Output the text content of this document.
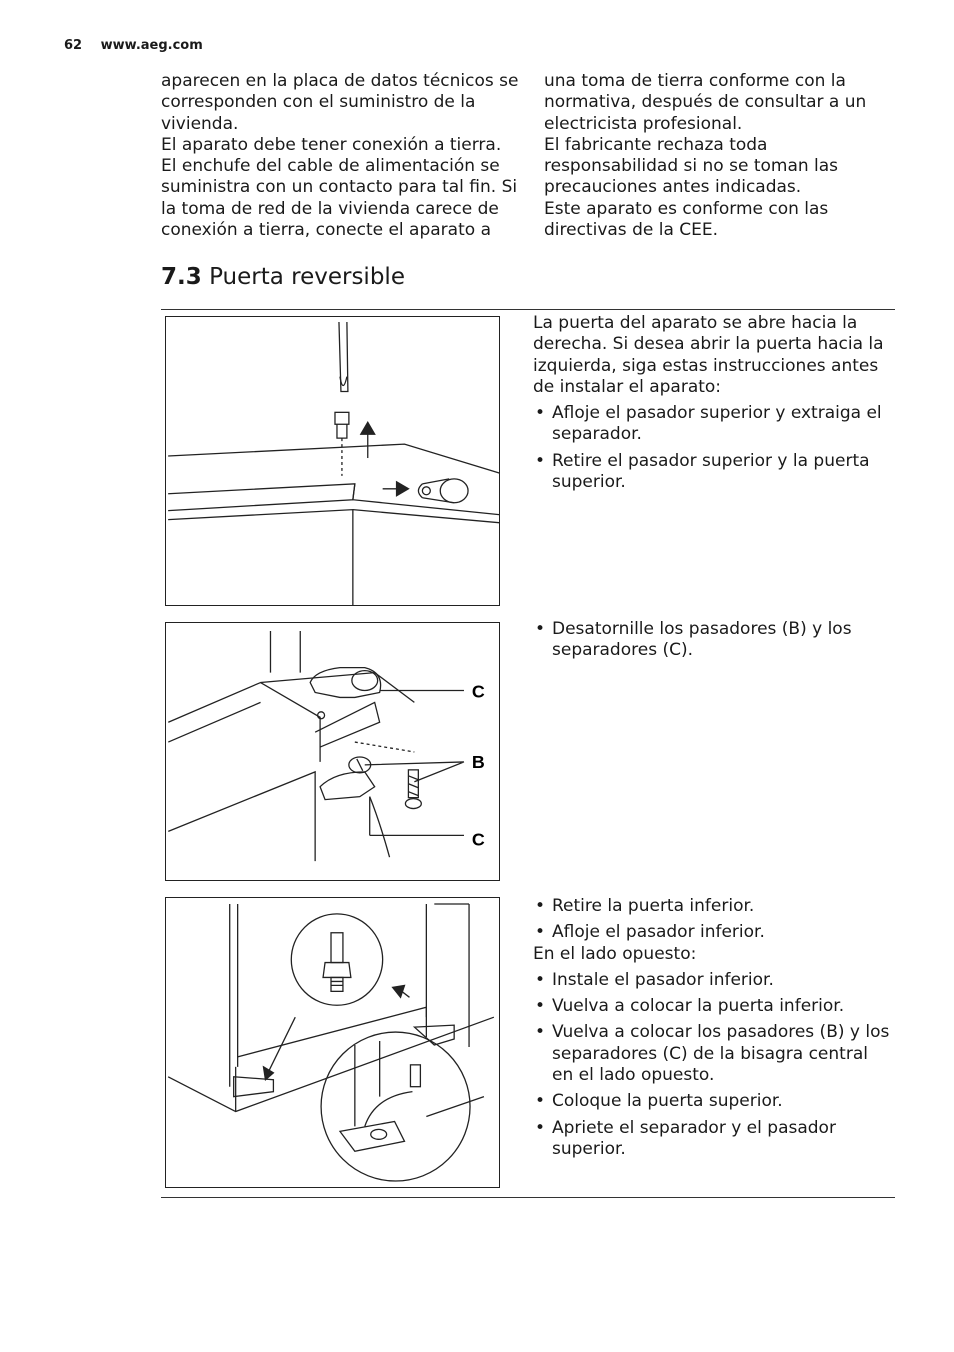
62 www.aeg.com

aparecen en la placa de datos técnicos se corresponden con el suministro de la vivienda.

El aparato debe tener conexión a tierra. El enchufe del cable de alimentación se suministra con un contacto para tal fin. Si la toma de red de la vivienda carece de conexión a tierra, conecte el aparato a

una toma de tierra conforme con la normativa, después de consultar a un electricista profesional.

El fabricante rechaza toda responsabilidad si no se toman las precauciones antes indicadas.

Este aparato es conforme con las directivas de la CEE.

7.3 Puerta reversible

La puerta del aparato se abre hacia la derecha. Si desea abrir la puerta hacia la izquierda, siga estas instrucciones antes de instalar el aparato:

• Afloje el pasador superior y extraiga el separador.
• Retire el pasador superior y la puerta superior.
C
B
C
• Desatornille los pasadores (B) y los separadores (C).
• Retire la puerta inferior.
• Afloje el pasador inferior.

En el lado opuesto:

• Instale el pasador inferior.
• Vuelva a colocar la puerta inferior.
• Vuelva a colocar los pasadores (B) y los separadores (C) de la bisagra central en el lado opuesto.
• Coloque la puerta superior.
• Apriete el separador y el pasador superior.
